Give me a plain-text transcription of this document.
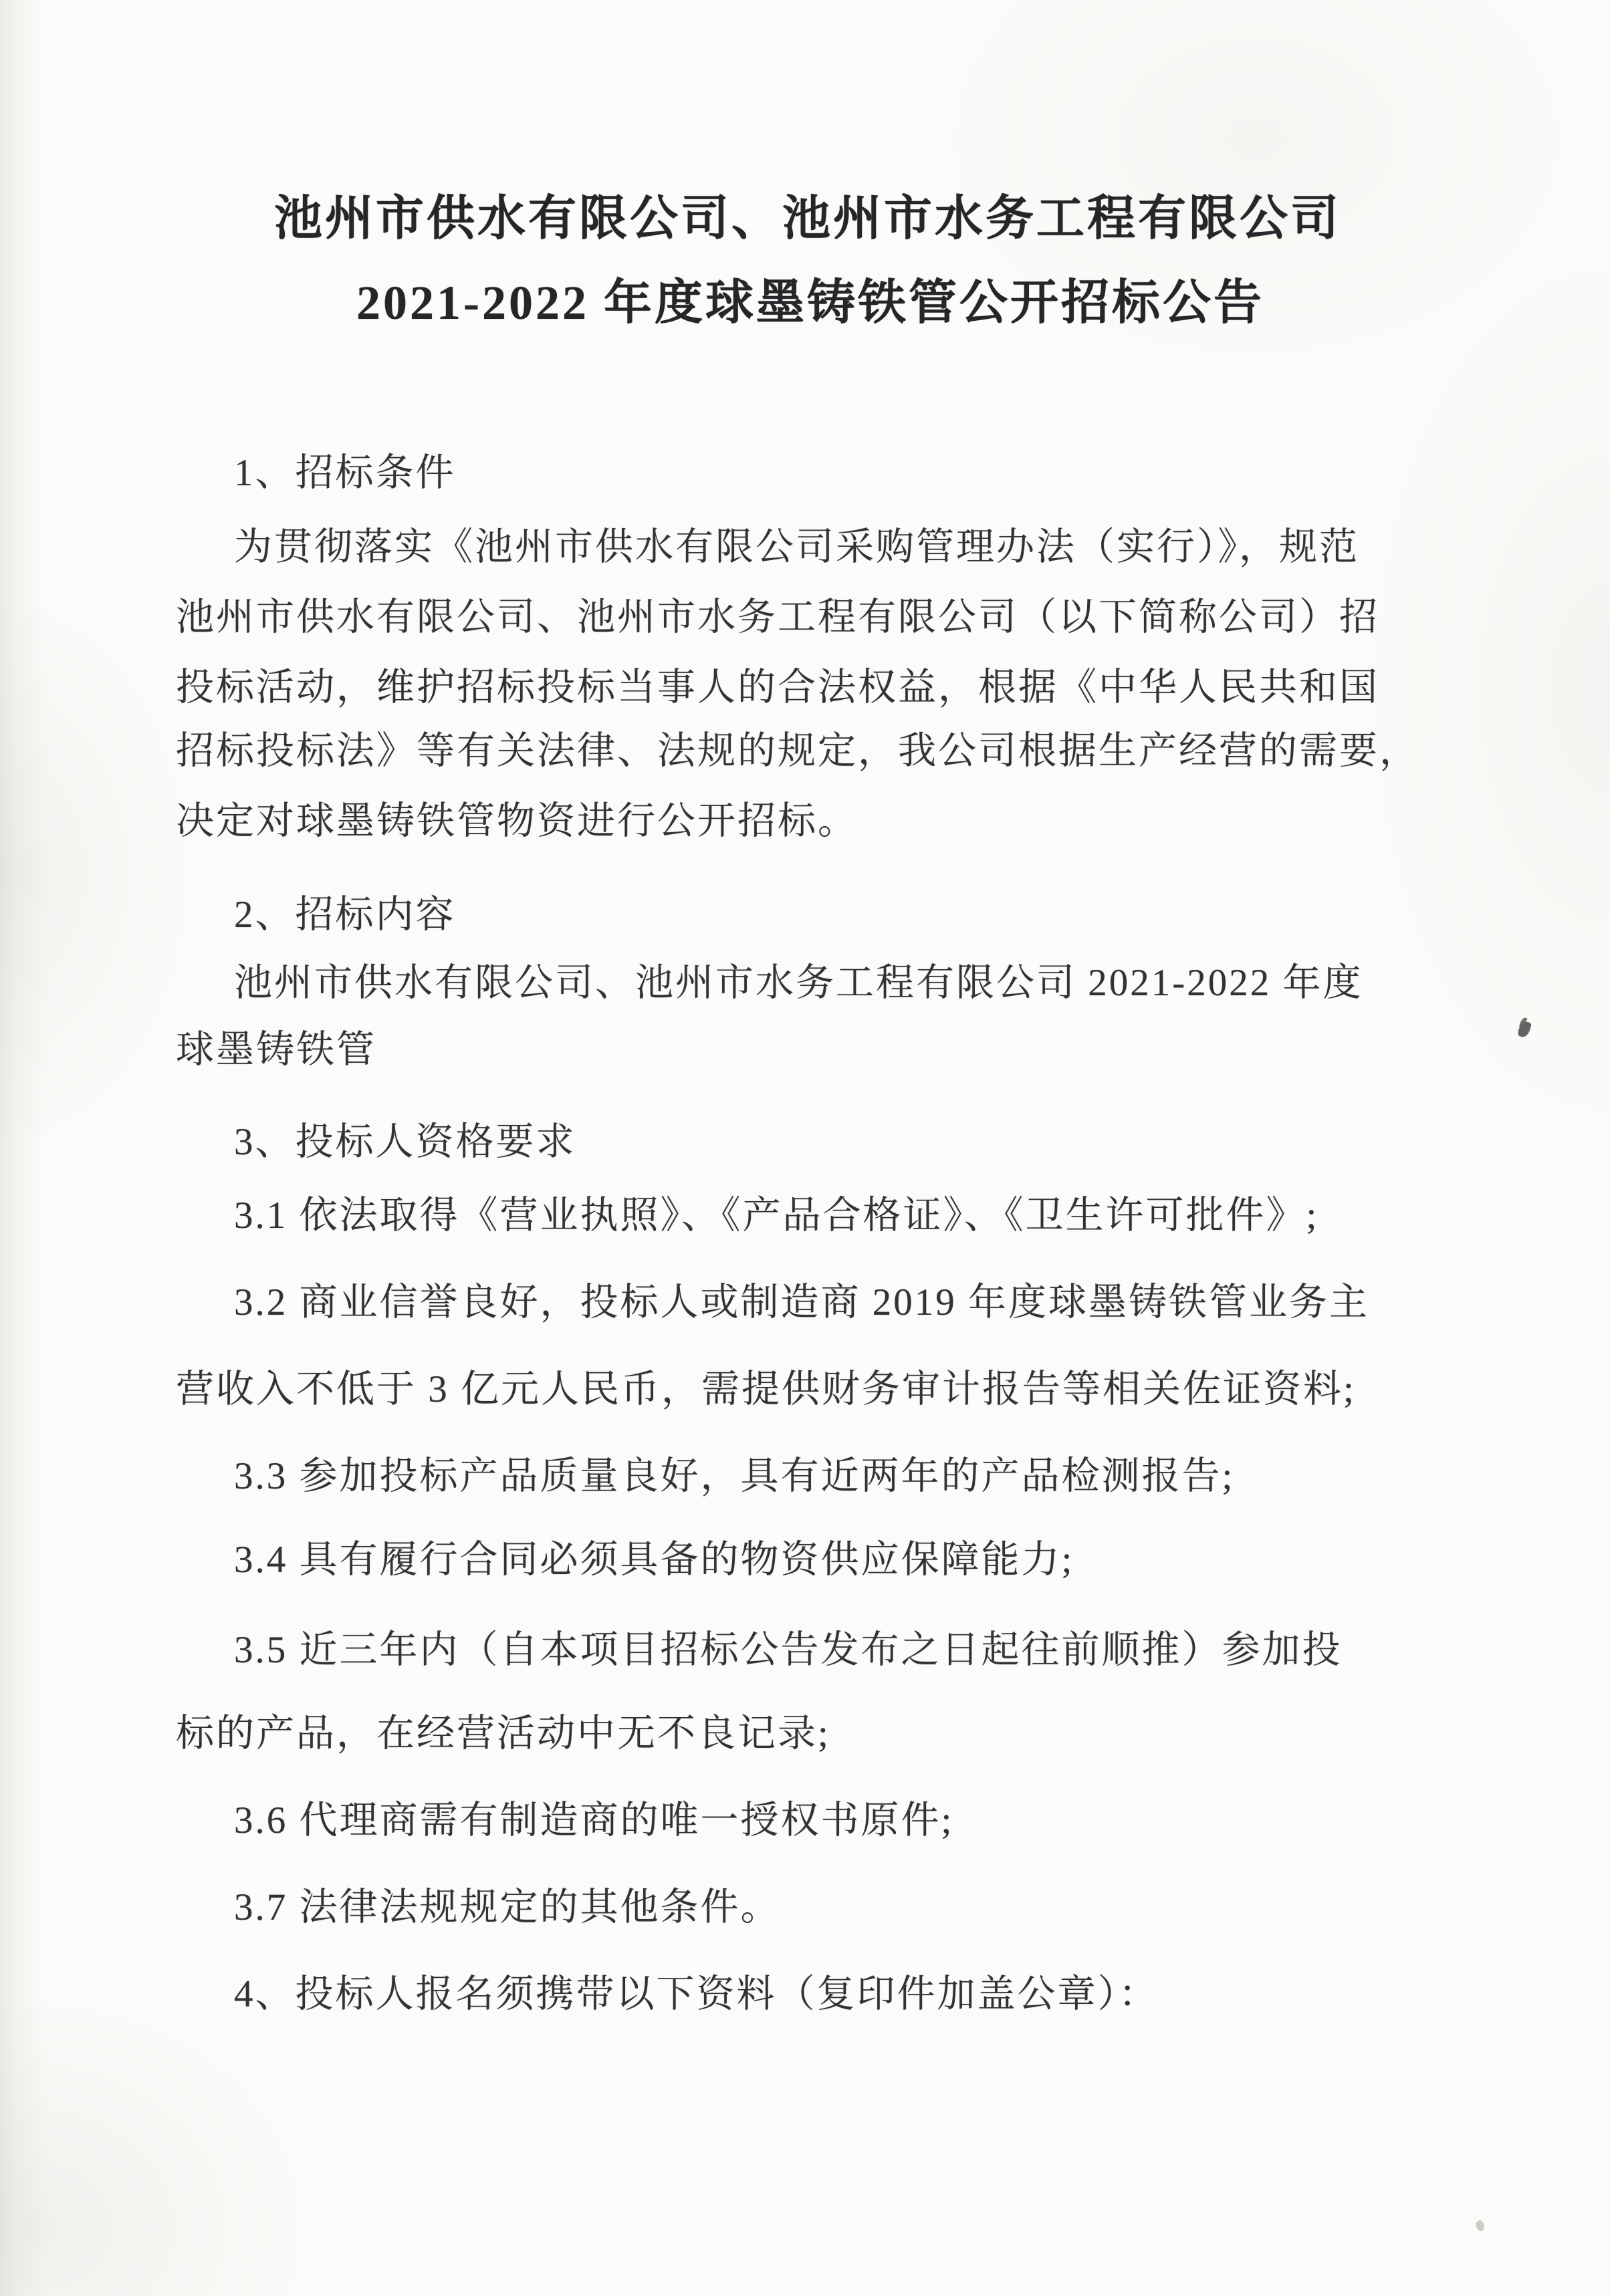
池州市供水有限公司、池州市水务工程有限公司
2021-2022 年度球墨铸铁管公开招标公告
1、招标条件
为贯彻落实《池州市供水有限公司采购管理办法（实行）》，规范
池州市供水有限公司、池州市水务工程有限公司（以下简称公司）招
投标活动，维护招标投标当事人的合法权益，根据《中华人民共和国
招标投标法》等有关法律、法规的规定，我公司根据生产经营的需要，
决定对球墨铸铁管物资进行公开招标。
2、招标内容
池州市供水有限公司、池州市水务工程有限公司 2021-2022 年度
球墨铸铁管
3、投标人资格要求
3.1 依法取得《营业执照》、《产品合格证》、《卫生许可批件》;
3.2 商业信誉良好，投标人或制造商 2019 年度球墨铸铁管业务主
营收入不低于 3 亿元人民币，需提供财务审计报告等相关佐证资料;
3.3 参加投标产品质量良好，具有近两年的产品检测报告;
3.4 具有履行合同必须具备的物资供应保障能力;
3.5 近三年内（自本项目招标公告发布之日起往前顺推）参加投
标的产品，在经营活动中无不良记录;
3.6 代理商需有制造商的唯一授权书原件;
3.7 法律法规规定的其他条件。
4、投标人报名须携带以下资料（复印件加盖公章）：
